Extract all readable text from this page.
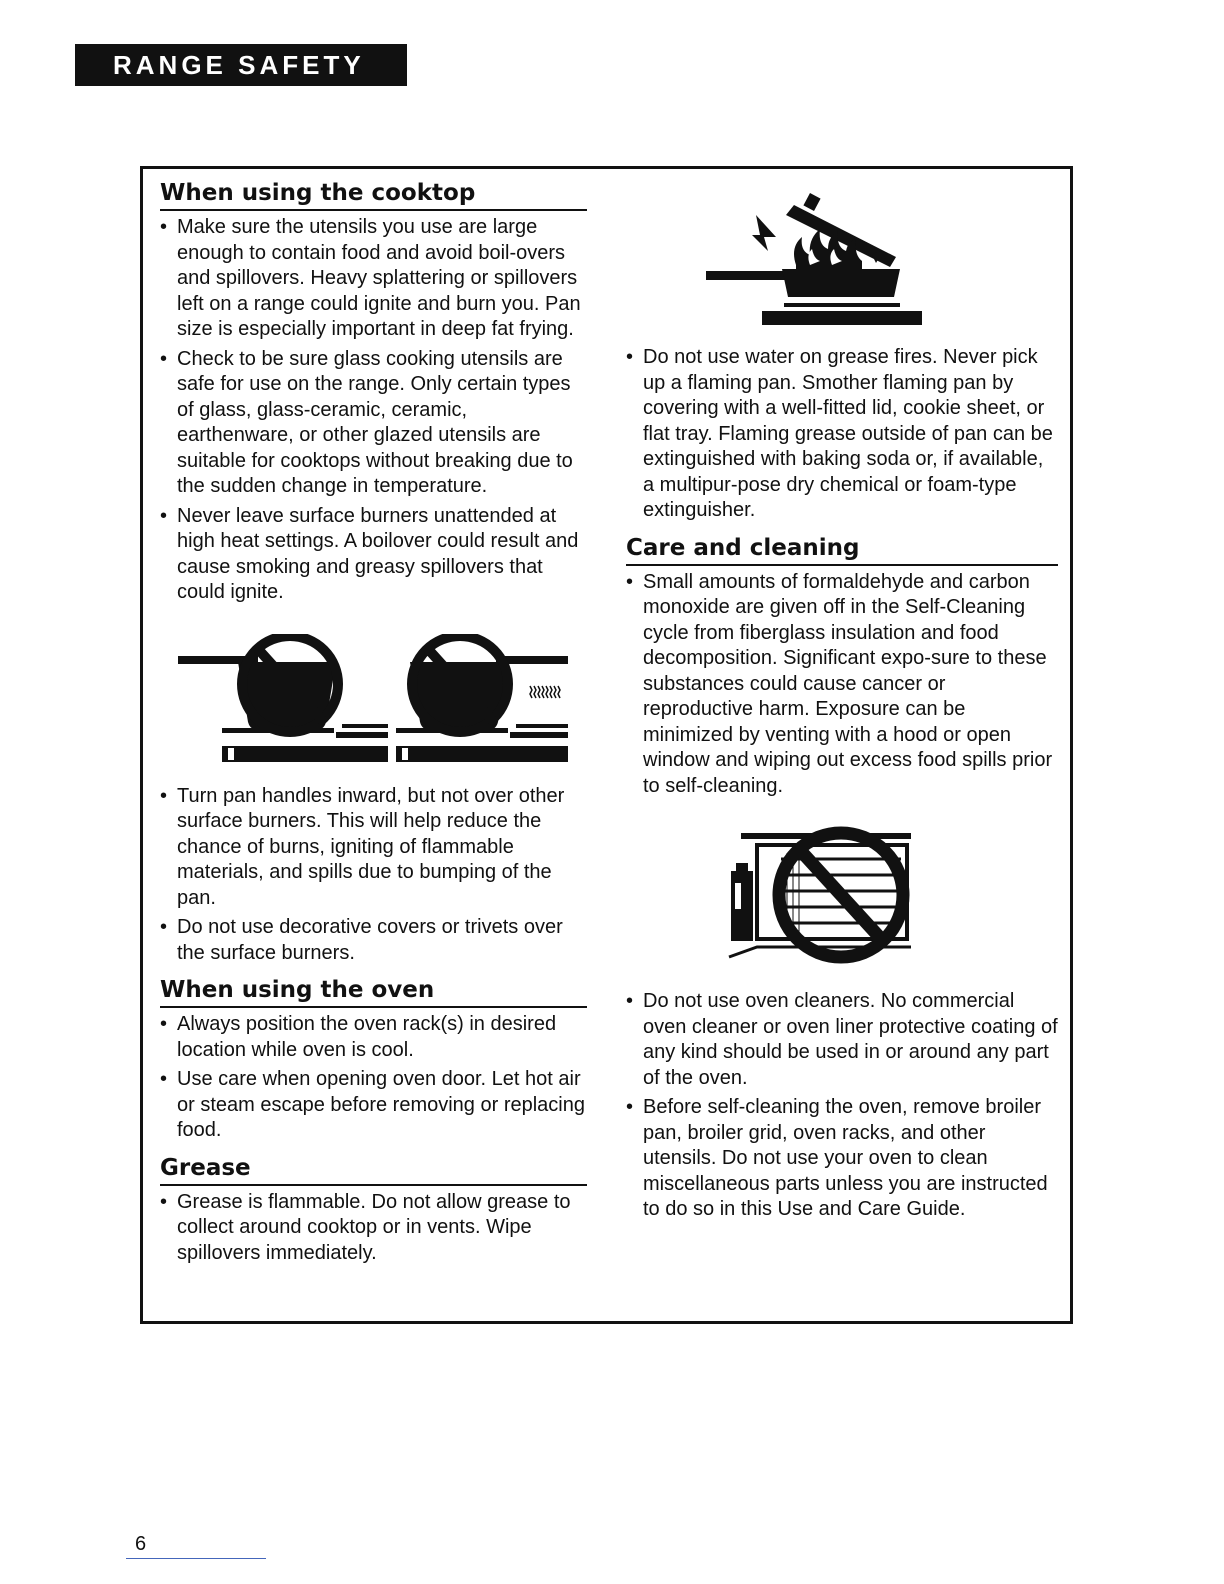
RANGE SAFETY
When using the cooktop
• Make sure the utensils you use are large enough to contain food and avoid boil-overs and spillovers. Heavy splattering or spillovers left on a range could ignite and burn you. Pan size is especially important in deep fat frying.
• Check to be sure glass cooking utensils are safe for use on the range. Only certain types of glass, glass-ceramic, ceramic, earthenware, or other glazed utensils are suitable for cooktops without breaking due to the sudden change in temperature.
• Never leave surface burners unattended at high heat settings. A boilover could result and cause smoking and greasy spillovers that could ignite.
• Turn pan handles inward, but not over other surface burners. This will help reduce the chance of burns, igniting of flammable materials, and spills due to bumping of the pan.
• Do not use decorative covers or trivets over the surface burners.
When using the oven
• Always position the oven rack(s) in desired location while oven is cool.
• Use care when opening oven door. Let hot air or steam escape before removing or replacing food.
Grease
• Grease is flammable. Do not allow grease to collect around cooktop or in vents. Wipe spillovers immediately.
• Do not use water on grease fires. Never pick up a flaming pan. Smother flaming pan by covering with a well-fitted lid, cookie sheet, or flat tray. Flaming grease outside of pan can be extinguished with baking soda or, if available, a multipur-pose dry chemical or foam-type extinguisher.
Care and cleaning
• Small amounts of formaldehyde and carbon monoxide are given off in the Self-Cleaning cycle from fiberglass insulation and food decomposition. Significant expo-sure to these substances could cause cancer or reproductive harm. Exposure can be minimized by venting with a hood or open window and wiping out excess food spills prior to self-cleaning.
• Do not use oven cleaners. No commercial oven cleaner or oven liner protective coating of any kind should be used in or around any part of the oven.
• Before self-cleaning the oven, remove broiler pan, broiler grid, oven racks, and other utensils. Do not use your oven to clean miscellaneous parts unless you are instructed to do so in this Use and Care Guide.
6
